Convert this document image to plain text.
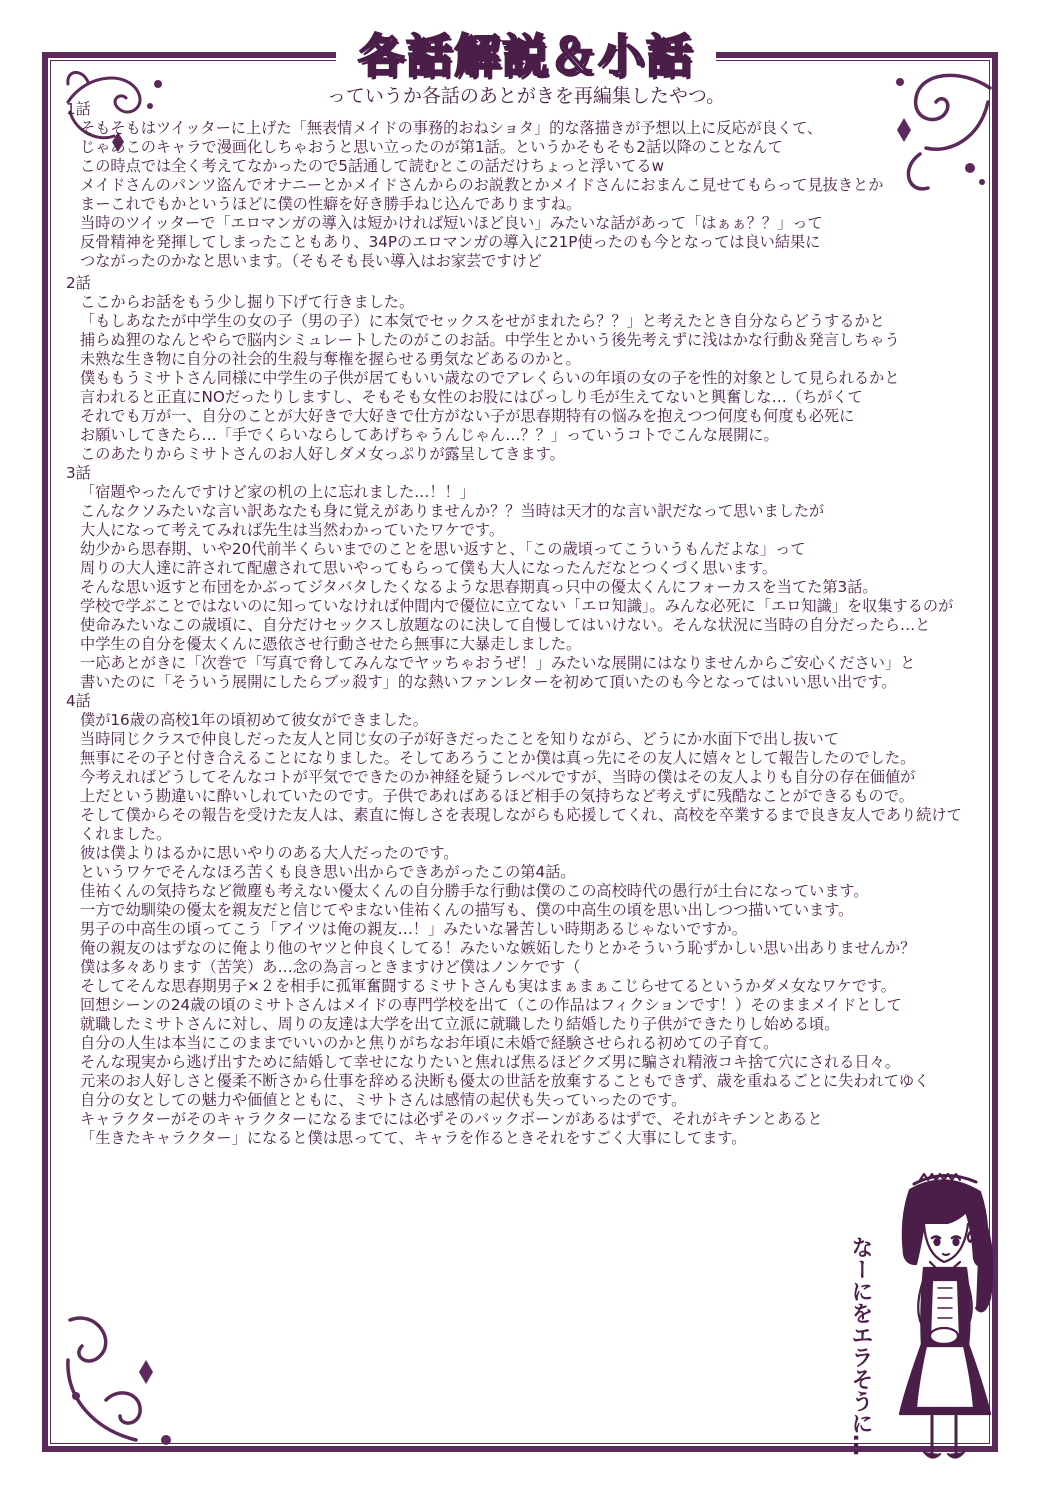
各話解説＆小話
っていうか各話のあとがきを再編集したやつ。
1話
そもそもはツイッターに上げた「無表情メイドの事務的おねショタ」的な落描きが予想以上に反応が良くて、
じゃあこのキャラで漫画化しちゃおうと思い立ったのが第1話。というかそもそも2話以降のことなんて
この時点では全く考えてなかったので5話通して読むとこの話だけちょっと浮いてるw
メイドさんのパンツ盗んでオナニーとかメイドさんからのお説教とかメイドさんにおまんこ見せてもらって見抜きとか
まーこれでもかというほどに僕の性癖を好き勝手ねじ込んでありますね。
当時のツイッターで「エロマンガの導入は短かければ短いほど良い」みたいな話があって「はぁぁ？？」って
反骨精神を発揮してしまったこともあり、34Pのエロマンガの導入に21P使ったのも今となっては良い結果に
つながったのかなと思います。（そもそも長い導入はお家芸ですけど
2話
ここからお話をもう少し掘り下げて行きました。
「もしあなたが中学生の女の子（男の子）に本気でセックスをせがまれたら？？」と考えたとき自分ならどうするかと
捕らぬ狸のなんとやらで脳内シミュレートしたのがこのお話。中学生とかいう後先考えずに浅はかな行動＆発言しちゃう
未熟な生き物に自分の社会的生殺与奪権を握らせる勇気などあるのかと。
僕ももうミサトさん同様に中学生の子供が居てもいい歳なのでアレくらいの年頃の女の子を性的対象として見られるかと
言われると正直にNOだったりしますし、そもそも女性のお股にはびっしり毛が生えてないと興奮しな…（ちがくて
それでも万が一、自分のことが大好きで大好きで仕方がない子が思春期特有の悩みを抱えつつ何度も何度も必死に
お願いしてきたら…「手でくらいならしてあげちゃうんじゃん…？？」っていうコトでこんな展開に。
このあたりからミサトさんのお人好しダメ女っぷりが露呈してきます。
3話
「宿題やったんですけど家の机の上に忘れました…！！」
こんなクソみたいな言い訳あなたも身に覚えがありませんか？？当時は天才的な言い訳だなって思いましたが
大人になって考えてみれば先生は当然わかっていたワケです。
幼少から思春期、いや20代前半くらいまでのことを思い返すと、「この歳頃ってこういうもんだよな」って
周りの大人達に許されて配慮されて思いやってもらって僕も大人になったんだなとつくづく思います。
そんな思い返すと布団をかぶってジタバタしたくなるような思春期真っ只中の優太くんにフォーカスを当てた第3話。
学校で学ぶことではないのに知っていなければ仲間内で優位に立てない「エロ知識」。みんな必死に「エロ知識」を収集するのが
使命みたいなこの歳頃に、自分だけセックスし放題なのに決して自慢してはいけない。そんな状況に当時の自分だったら…と
中学生の自分を優太くんに憑依させ行動させたら無事に大暴走しました。
一応あとがきに「次巻で「写真で脅してみんなでヤッちゃおうぜ！」みたいな展開にはなりませんからご安心ください」と
書いたのに「そういう展開にしたらブッ殺す」的な熱いファンレターを初めて頂いたのも今となってはいい思い出です。
4話
僕が16歳の高校1年の頃初めて彼女ができました。
当時同じクラスで仲良しだった友人と同じ女の子が好きだったことを知りながら、どうにか水面下で出し抜いて
無事にその子と付き合えることになりました。そしてあろうことか僕は真っ先にその友人に嬉々として報告したのでした。
今考えればどうしてそんなコトが平気でできたのか神経を疑うレベルですが、当時の僕はその友人よりも自分の存在価値が
上だという勘違いに酔いしれていたのです。子供であればあるほど相手の気持ちなど考えずに残酷なことができるもので。
そして僕からその報告を受けた友人は、素直に悔しさを表現しながらも応援してくれ、高校を卒業するまで良き友人であり続けて
くれました。
彼は僕よりはるかに思いやりのある大人だったのです。
というワケでそんなほろ苦くも良き思い出からできあがったこの第4話。
佳祐くんの気持ちなど微塵も考えない優太くんの自分勝手な行動は僕のこの高校時代の愚行が土台になっています。
一方で幼馴染の優太を親友だと信じてやまない佳祐くんの描写も、僕の中高生の頃を思い出しつつ描いています。
男子の中高生の頃ってこう「アイツは俺の親友…！」みたいな暑苦しい時期あるじゃないですか。
俺の親友のはずなのに俺より他のヤツと仲良くしてる！みたいな嫉妬したりとかそういう恥ずかしい思い出ありませんか？
僕は多々あります（苦笑）あ…念の為言っときますけど僕はノンケです（
そしてそんな思春期男子×２を相手に孤軍奮闘するミサトさんも実はまぁまぁこじらせてるというかダメ女なワケです。
回想シーンの24歳の頃のミサトさんはメイドの専門学校を出て（この作品はフィクションです！）そのままメイドとして
就職したミサトさんに対し、周りの友達は大学を出て立派に就職したり結婚したり子供ができたりし始める頃。
自分の人生は本当にこのままでいいのかと焦りがちなお年頃に未婚で経験させられる初めての子育て。
そんな現実から逃げ出すために結婚して幸せになりたいと焦れば焦るほどクズ男に騙され精液コキ捨て穴にされる日々。
元来のお人好しさと優柔不断さから仕事を辞める決断も優太の世話を放棄することもできず、歳を重ねるごとに失われてゆく
自分の女としての魅力や価値とともに、ミサトさんは感情の起伏も失っていったのです。
キャラクターがそのキャラクターになるまでには必ずそのバックボーンがあるはずで、それがキチンとあると
「生きたキャラクター」になると僕は思ってて、キャラを作るときそれをすごく大事にしてます。
なーにをエラそうに…
